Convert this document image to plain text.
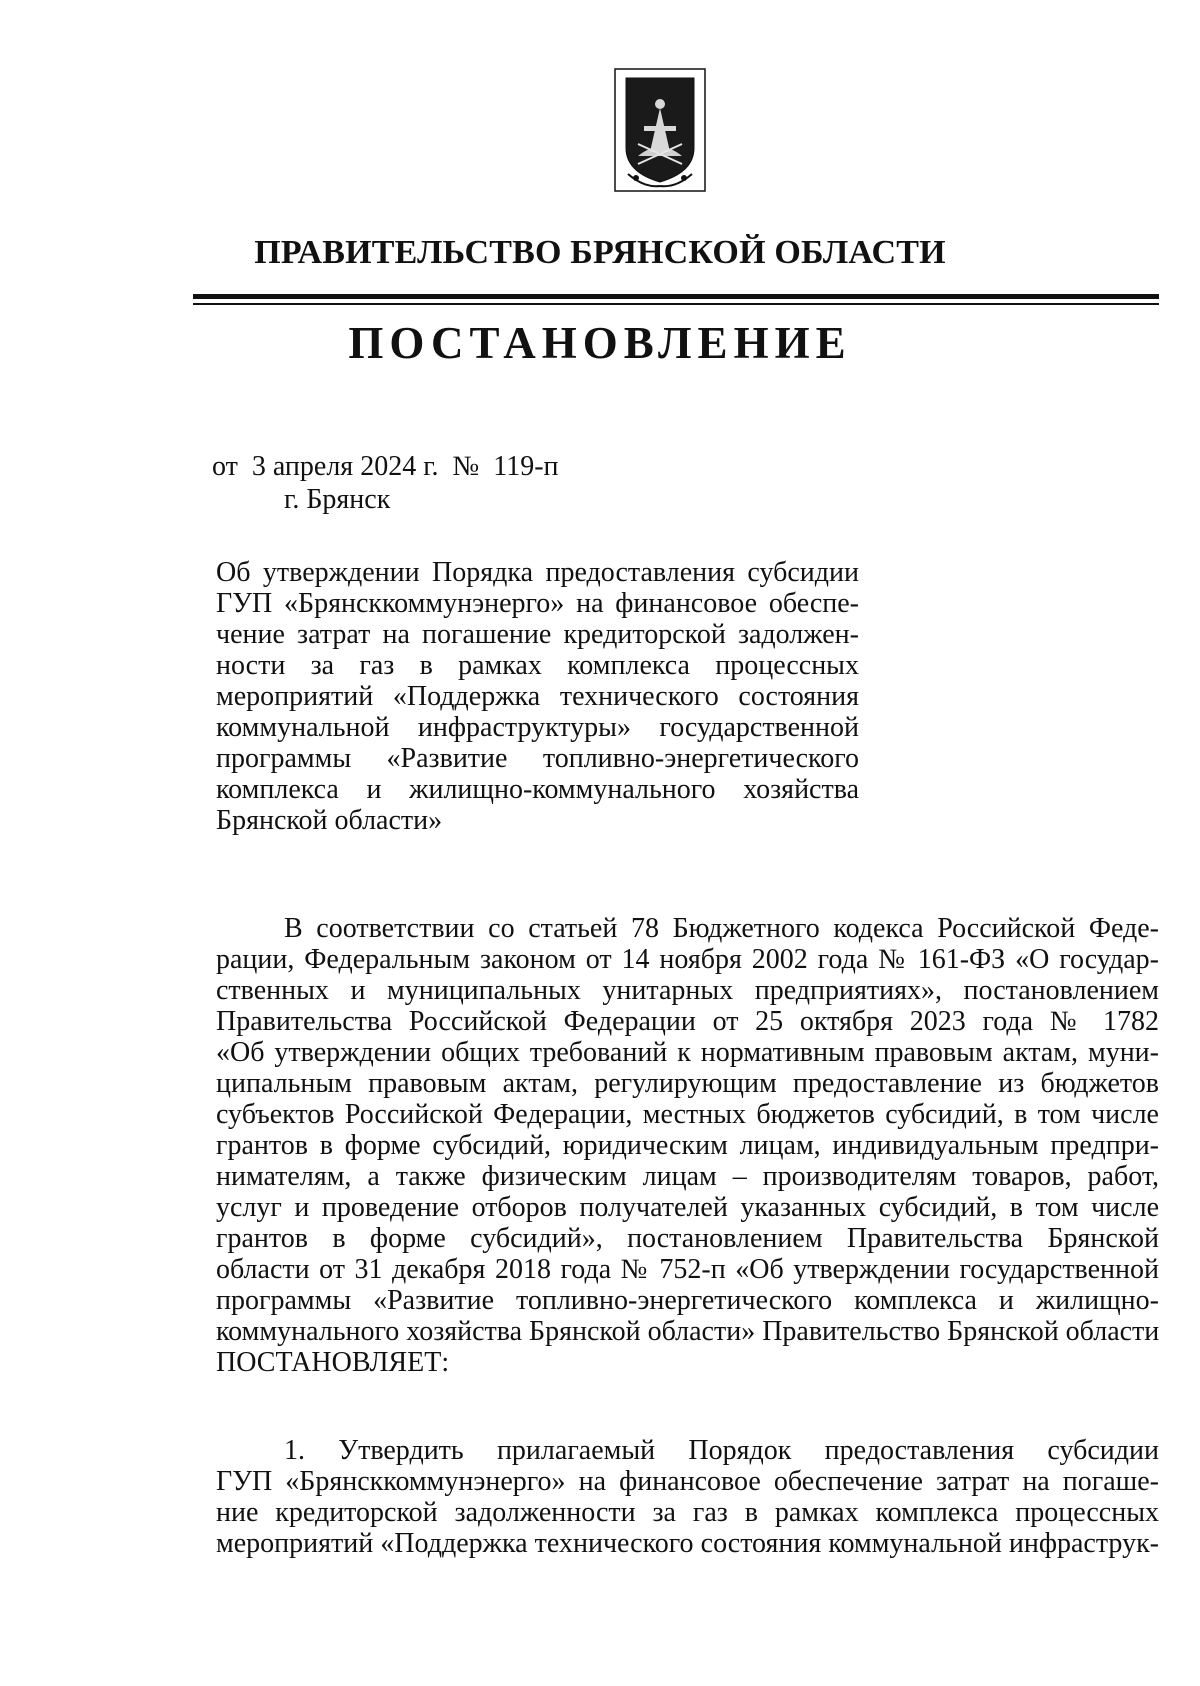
ПРАВИТЕЛЬСТВО БРЯНСКОЙ ОБЛАСТИ
ПОСТАНОВЛЕНИЕ
от  3 апреля 2024 г.  №  119-п
г. Брянск
Об утверждении Порядка предоставления субсидии
ГУП «Брянсккоммунэнерго» на финансовое обеспе-
чение затрат на погашение кредиторской задолжен-
ности за газ в рамках комплекса процессных
мероприятий «Поддержка технического состояния
коммунальной инфраструктуры» государственной
программы «Развитие топливно-энергетического
комплекса и жилищно-коммунального хозяйства
Брянской области»
В соответствии со статьей 78 Бюджетного кодекса Российской Феде-
рации, Федеральным законом от 14 ноября 2002 года № 161-ФЗ «О государ-
ственных и муниципальных унитарных предприятиях», постановлением
Правительства Российской Федерации от 25 октября 2023 года № 1782
«Об утверждении общих требований к нормативным правовым актам, муни-
ципальным правовым актам, регулирующим предоставление из бюджетов
субъектов Российской Федерации, местных бюджетов субсидий, в том числе
грантов в форме субсидий, юридическим лицам, индивидуальным предпри-
нимателям, а также физическим лицам – производителям товаров, работ,
услуг и проведение отборов получателей указанных субсидий, в том числе
грантов в форме субсидий», постановлением Правительства Брянской
области от 31 декабря 2018 года № 752-п «Об утверждении государственной
программы «Развитие топливно-энергетического комплекса и жилищно-
коммунального хозяйства Брянской области» Правительство Брянской области
ПОСТАНОВЛЯЕТ:
1. Утвердить прилагаемый Порядок предоставления субсидии
ГУП «Брянсккоммунэнерго» на финансовое обеспечение затрат на погаше-
ние кредиторской задолженности за газ в рамках комплекса процессных
мероприятий «Поддержка технического состояния коммунальной инфраструк-
